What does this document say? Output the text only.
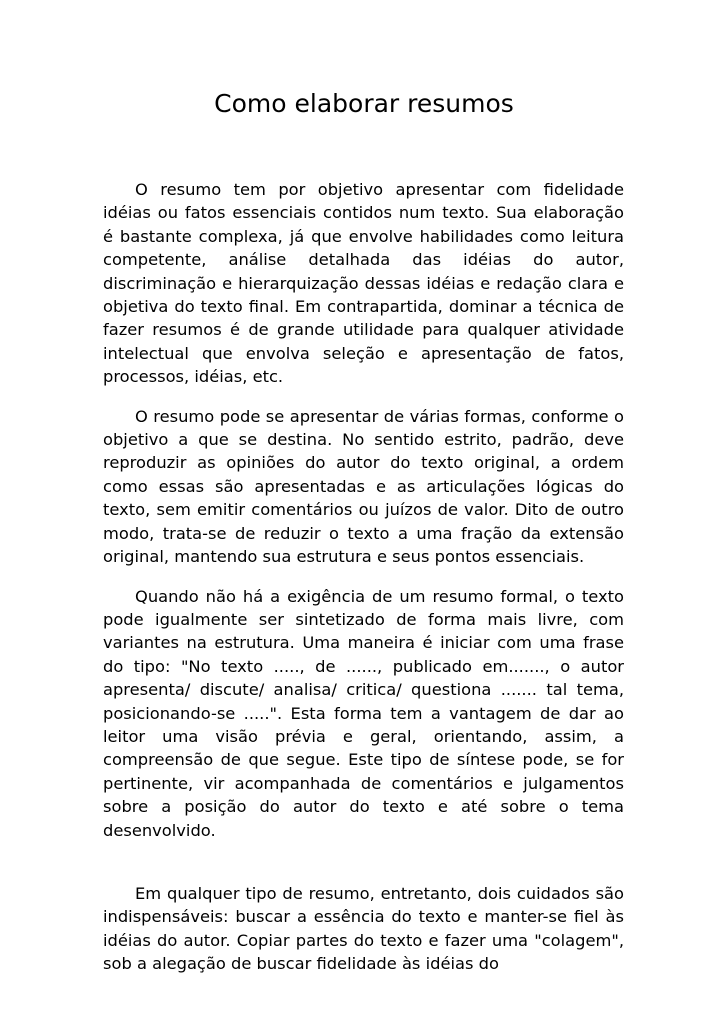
Como elaborar resumos

O resumo tem por objetivo apresentar com fidelidade idéias ou fatos essenciais contidos num texto. Sua elaboração é bastante complexa, já que envolve habilidades como leitura competente, análise detalhada das idéias do autor, discriminação e hierarquização dessas idéias e redação clara e objetiva do texto final. Em contrapartida, dominar a técnica de fazer resumos é de grande utilidade para qualquer atividade intelectual que envolva seleção e apresentação de fatos, processos, idéias, etc.

O resumo pode se apresentar de várias formas, conforme o objetivo a que se destina. No sentido estrito, padrão, deve reproduzir as opiniões do autor do texto original, a ordem como essas são apresentadas e as articulações lógicas do texto, sem emitir comentários ou juízos de valor. Dito de outro modo, trata-se de reduzir o texto a uma fração da extensão original, mantendo sua estrutura e seus pontos essenciais.

Quando não há a exigência de um resumo formal, o texto pode igualmente ser sintetizado de forma mais livre, com variantes na estrutura. Uma maneira é iniciar com uma frase do tipo: "No texto ....., de ......, publicado em......., o autor apresenta/ discute/ analisa/ critica/ questiona ....... tal tema, posicionando-se .....". Esta forma tem a vantagem de dar ao leitor uma visão prévia e geral, orientando, assim, a compreensão de que segue. Este tipo de síntese pode, se for pertinente, vir acompanhada de comentários e julgamentos sobre a posição do autor do texto e até sobre o tema desenvolvido.

Em qualquer tipo de resumo, entretanto, dois cuidados são indispensáveis: buscar a essência do texto e manter-se fiel às idéias do autor. Copiar partes do texto e fazer uma "colagem", sob a alegação de buscar fidelidade às idéias do
